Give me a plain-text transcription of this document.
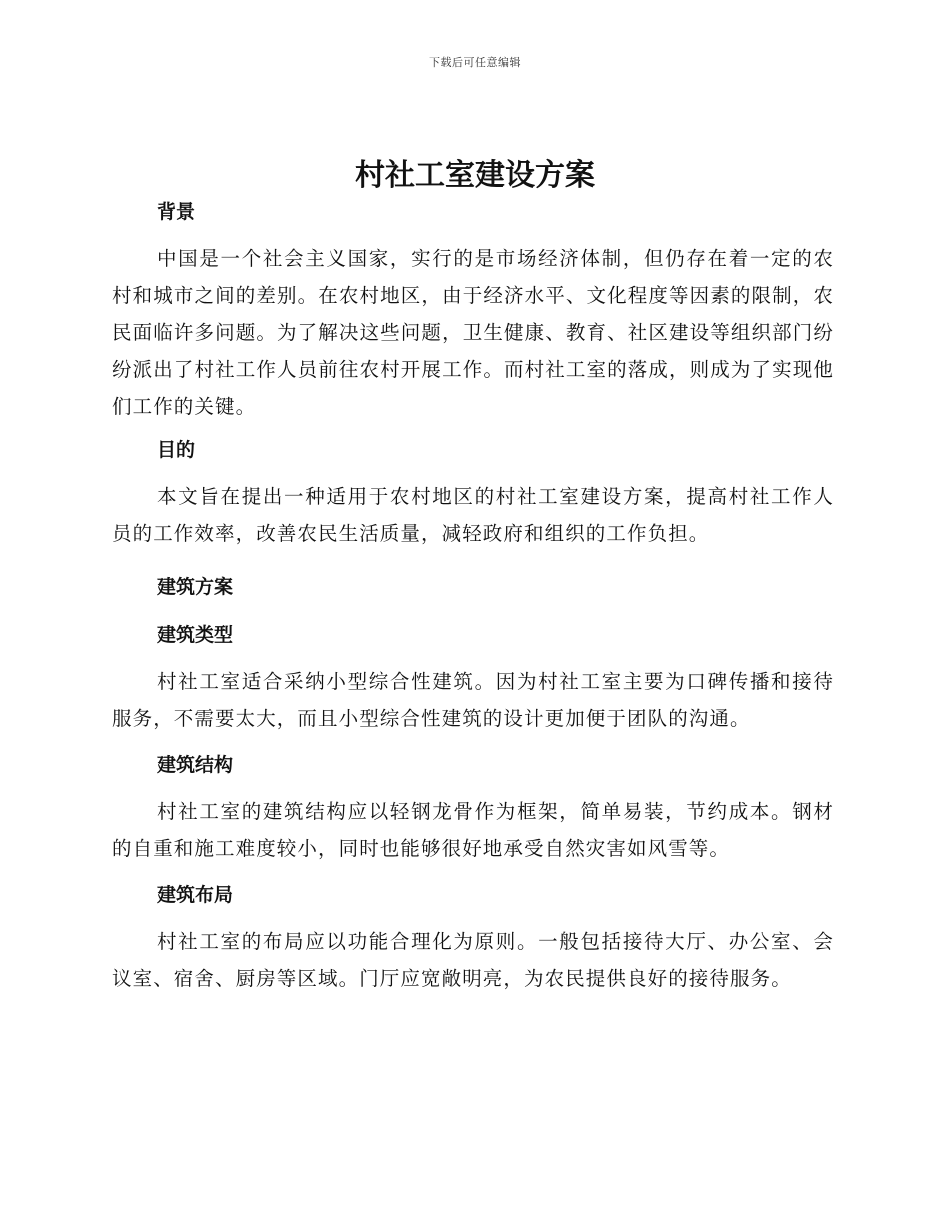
下载后可任意编辑
村社工室建设方案
背景

中国是一个社会主义国家，实行的是市场经济体制，但仍存在着一定的农村和城市之间的差别。在农村地区，由于经济水平、文化程度等因素的限制，农民面临许多问题。为了解决这些问题，卫生健康、教育、社区建设等组织部门纷纷派出了村社工作人员前往农村开展工作。而村社工室的落成，则成为了实现他们工作的关键。

目的

本文旨在提出一种适用于农村地区的村社工室建设方案，提高村社工作人员的工作效率，改善农民生活质量，减轻政府和组织的工作负担。

建筑方案
建筑类型

村社工室适合采纳小型综合性建筑。因为村社工室主要为口碑传播和接待服务，不需要太大，而且小型综合性建筑的设计更加便于团队的沟通。

建筑结构

村社工室的建筑结构应以轻钢龙骨作为框架，简单易装，节约成本。钢材的自重和施工难度较小，同时也能够很好地承受自然灾害如风雪等。

建筑布局

村社工室的布局应以功能合理化为原则。一般包括接待大厅、办公室、会议室、宿舍、厨房等区域。门厅应宽敞明亮，为农民提供良好的接待服务。
